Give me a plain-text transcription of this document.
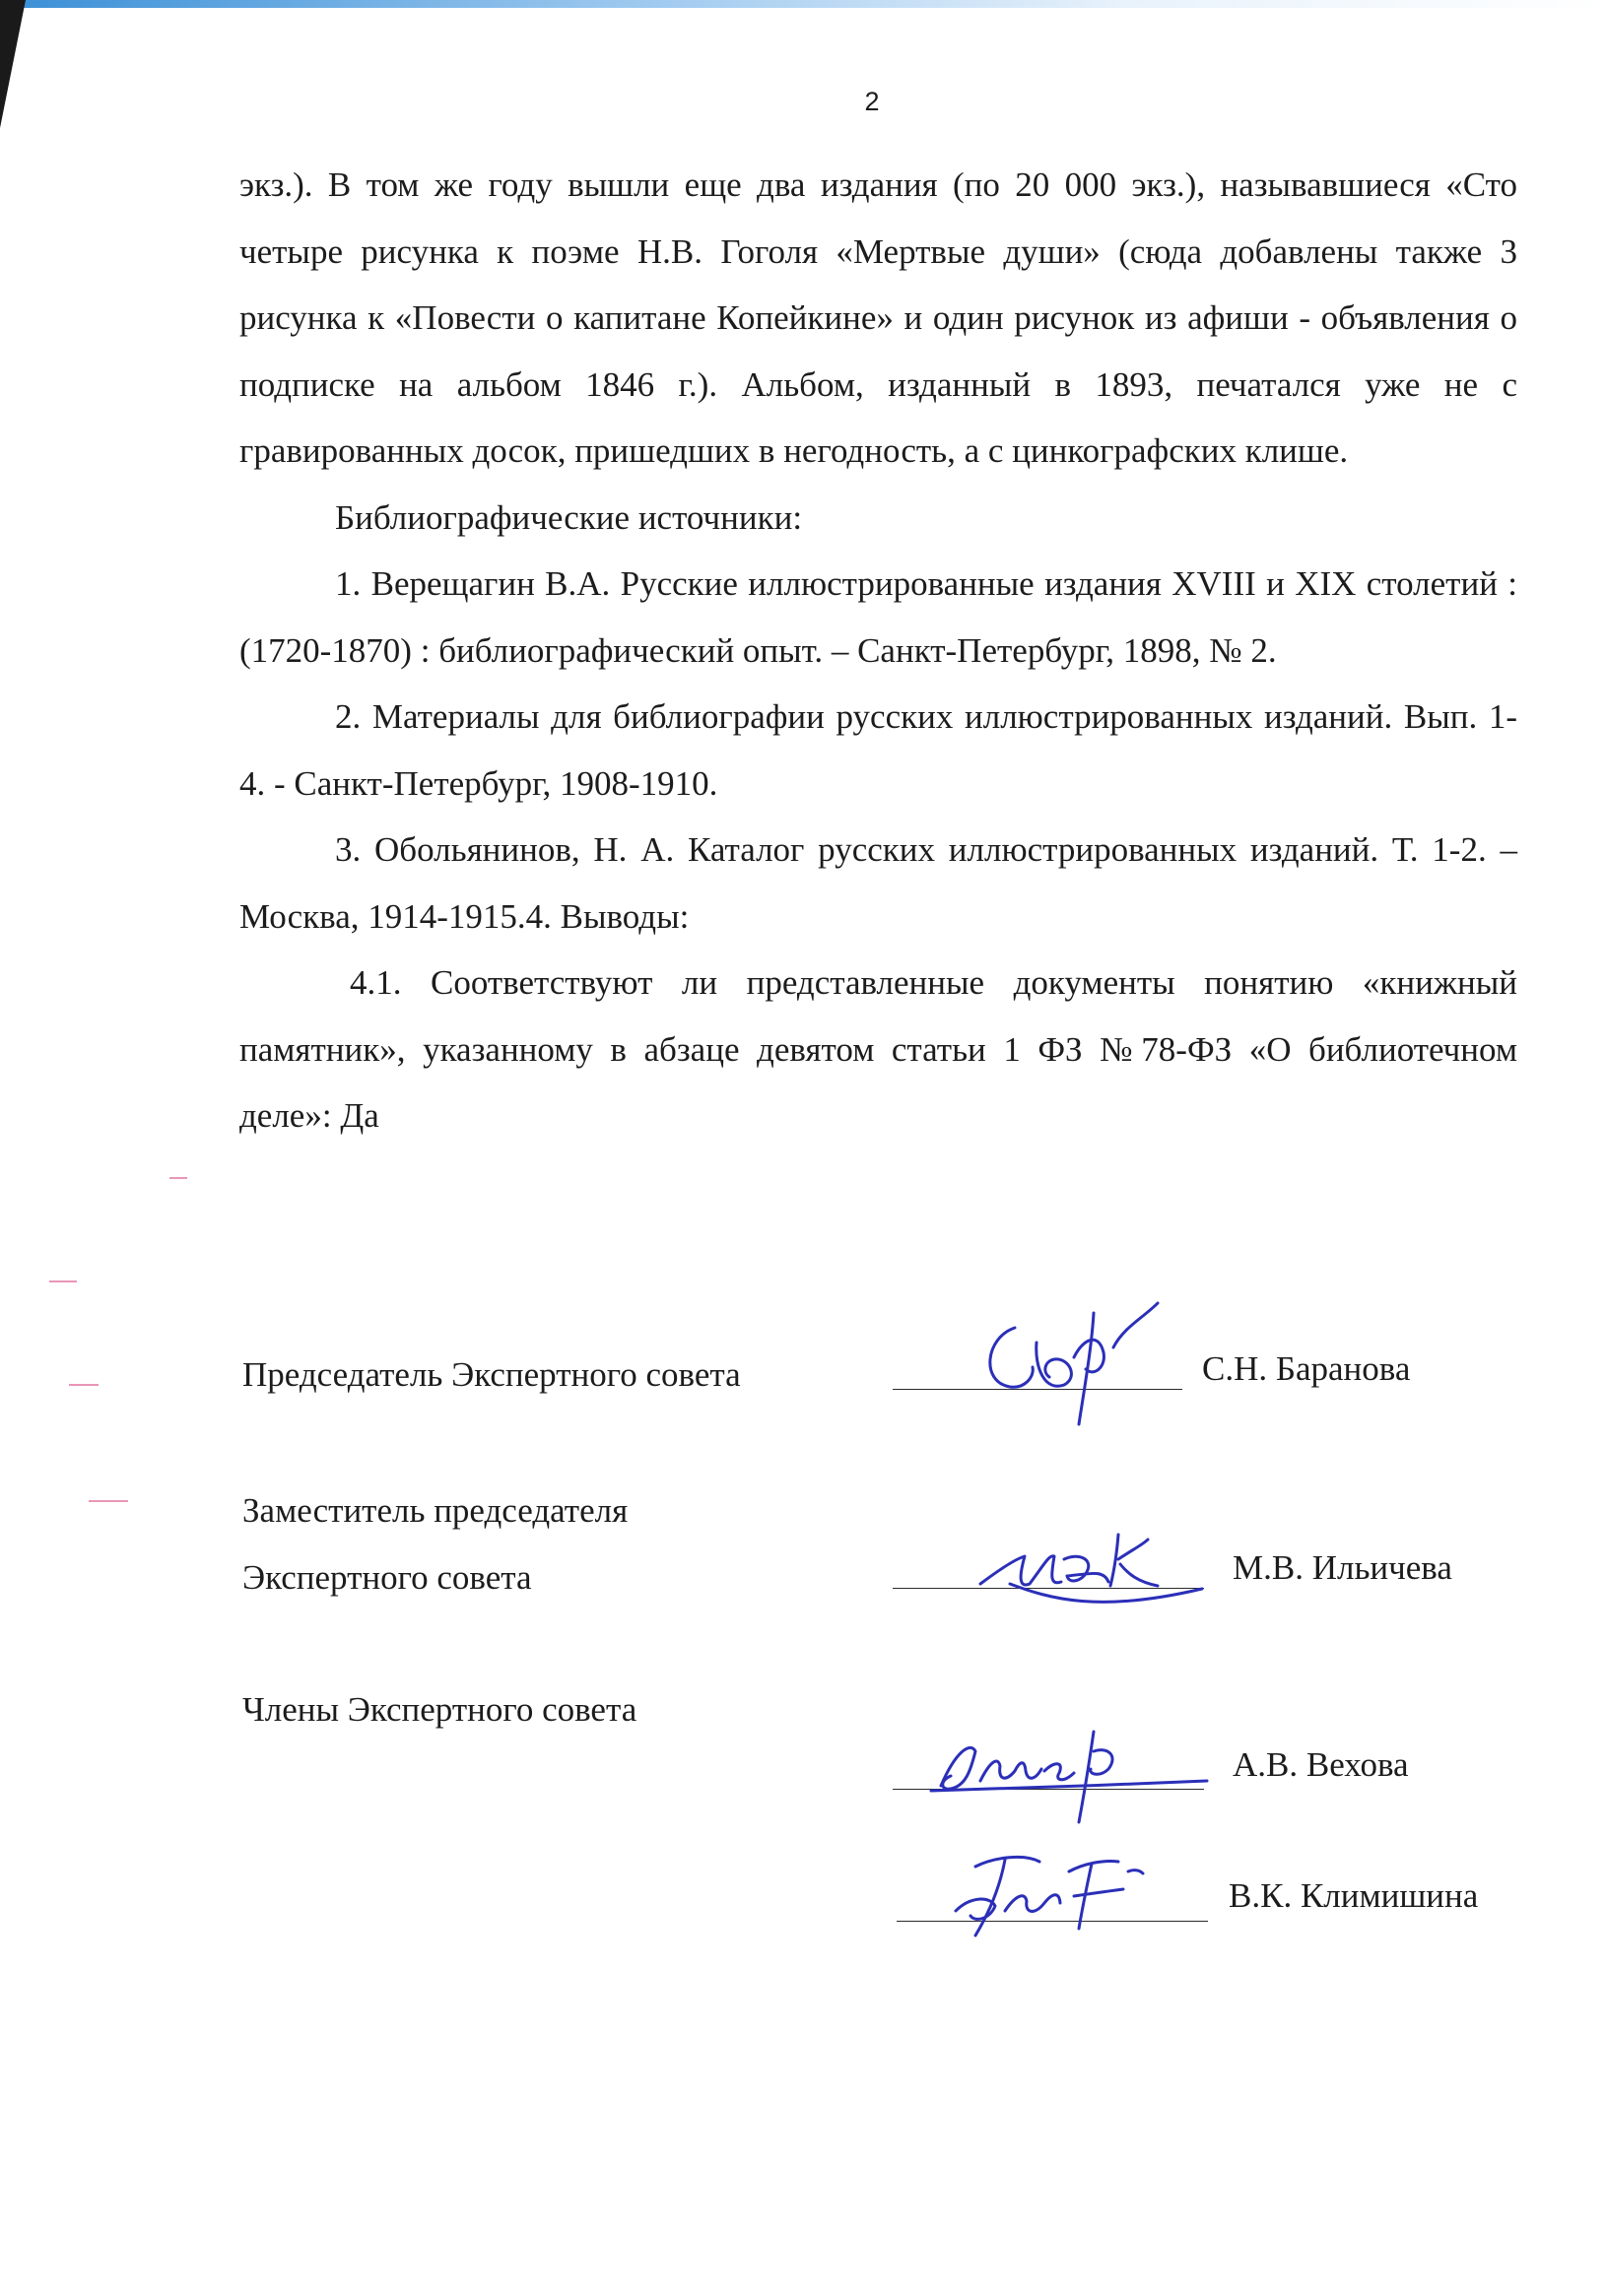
2

экз.). В том же году вышли еще два издания (по 20 000 экз.), называвшиеся «Сто четыре рисунка к поэме Н.В. Гоголя «Мертвые души» (сюда добавлены также 3 рисунка к «Повести о капитане Копейкине» и один рисунок из афиши - объявления о подписке на альбом 1846 г.). Альбом, изданный в 1893, печатался уже не с гравированных досок, пришедших в негодность, а с цинкографских клише.

Библиографические источники:

1. Верещагин В.А. Русские иллюстрированные издания XVIII и XIX столетий : (1720-1870) : библиографический опыт. – Санкт-Петербург, 1898, № 2.

2. Материалы для библиографии русских иллюстрированных изданий. Вып. 1-4. - Санкт-Петербург, 1908-1910.

3. Обольянинов, Н. А. Каталог русских иллюстрированных изданий. Т. 1-2. – Москва, 1914-1915.4. Выводы:

4.1. Соответствуют ли представленные документы понятию «книжный памятник», указанному в абзаце девятом статьи 1 ФЗ №78-ФЗ «О библиотечном деле»: Да

Председатель Экспертного совета	С.Н. Баранова
Заместитель председателя
Экспертного совета	М.В. Ильичева
Члены Экспертного совета
А.В. Вехова
В.К. Климишина
